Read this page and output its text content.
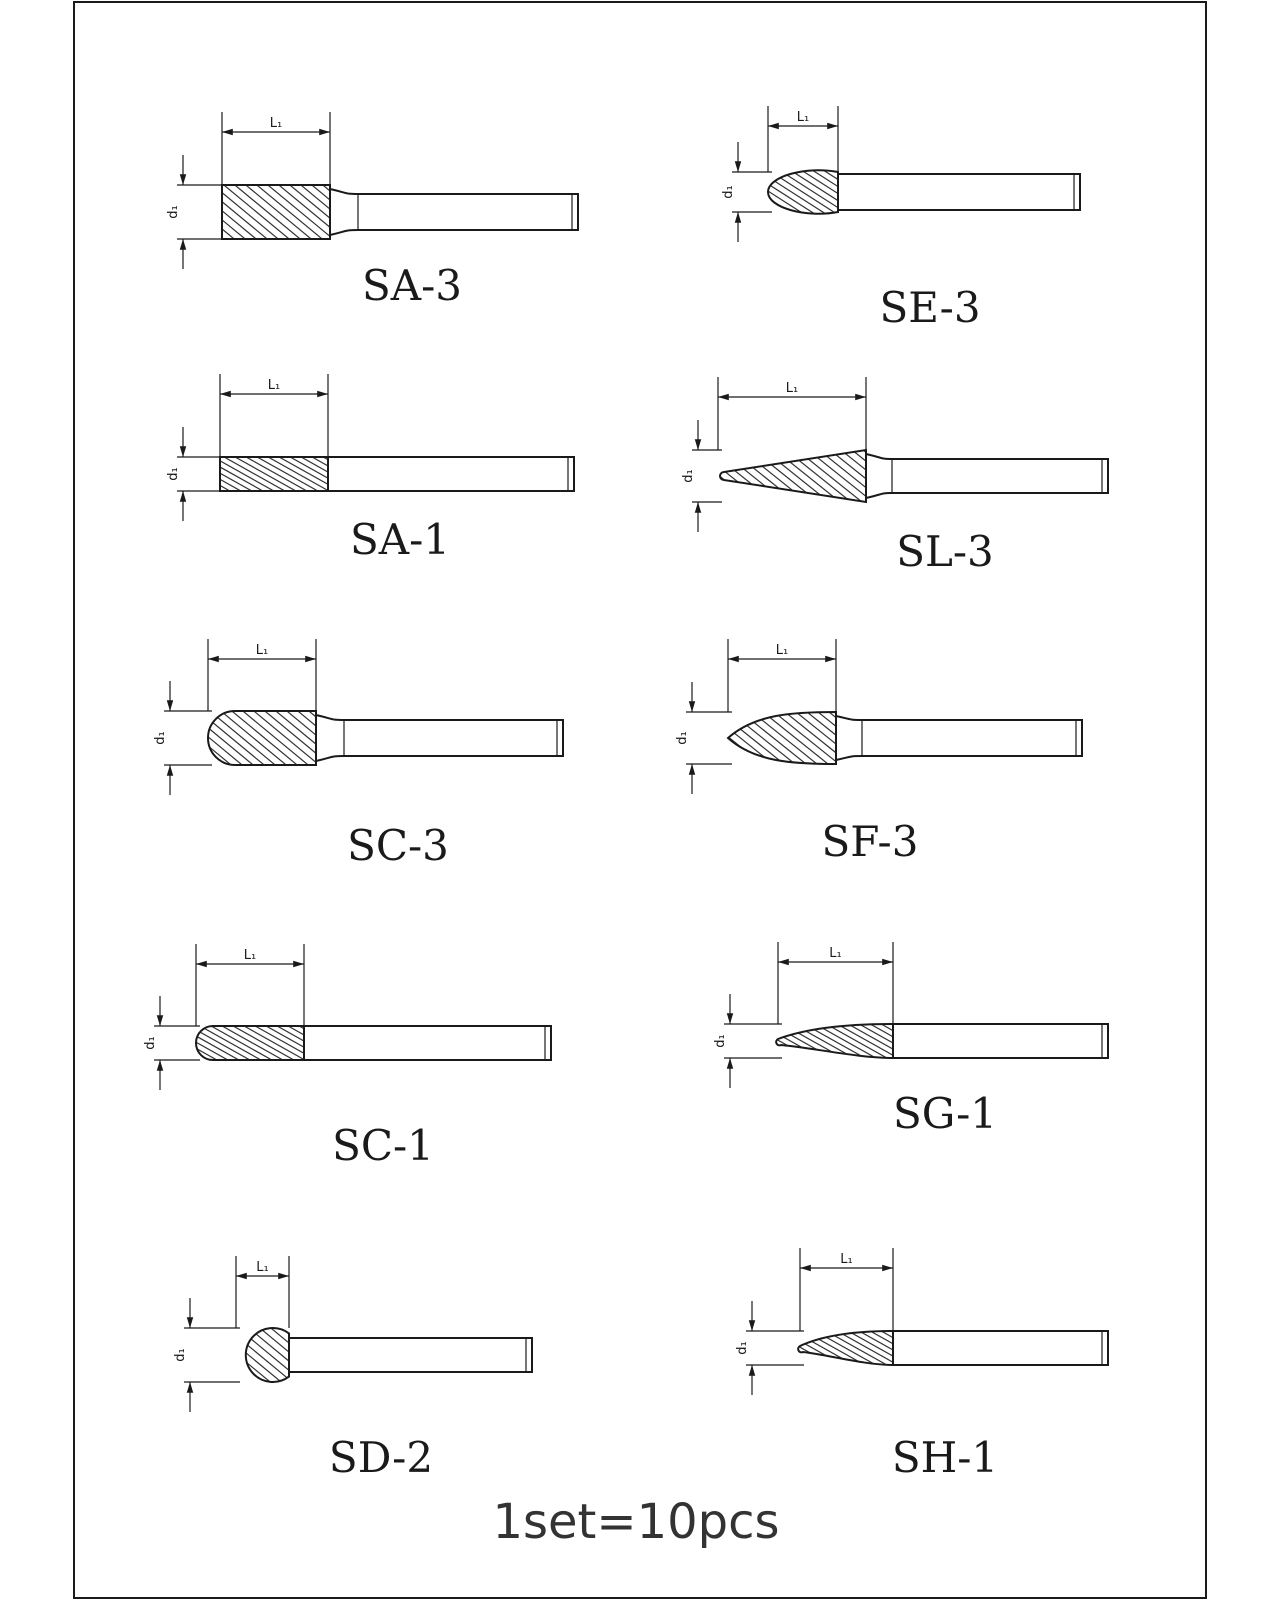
L₁
d₁
SA-3
L₁
d₁
SE-3
L₁
d₁
SA-1
L₁
d₁
SL-3
L₁
d₁
SC-3
L₁
d₁
SF-3
L₁
d₁
SC-1
L₁
d₁
SG-1
L₁
d₁
SD-2
L₁
d₁
SH-1
1set=10pcs
